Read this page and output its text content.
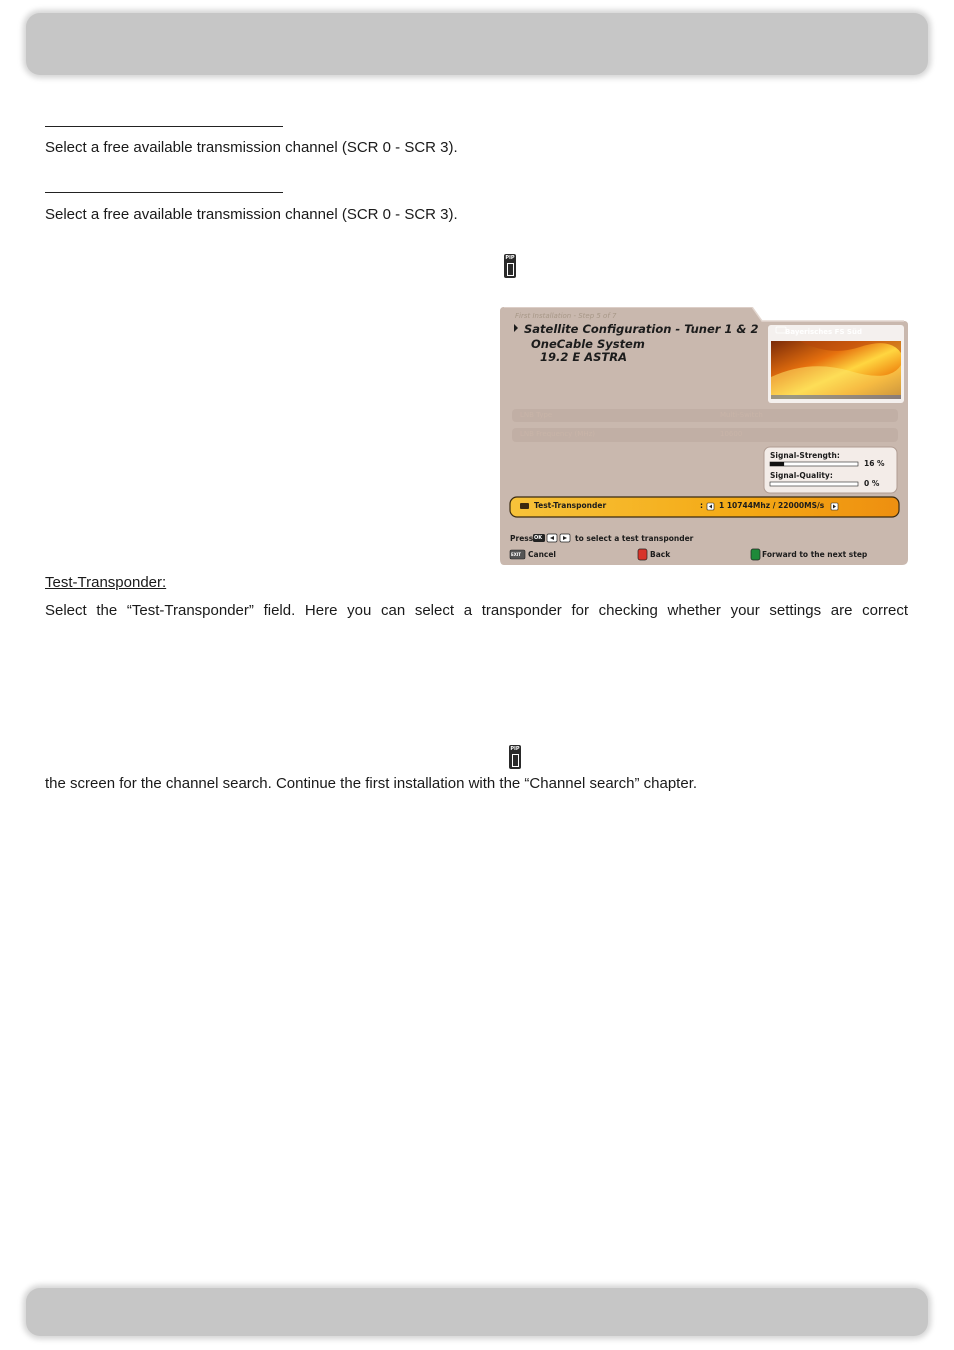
Select a free available transmission channel (SCR 0 - SCR 3).
Select a free available transmission channel (SCR 0 - SCR 3).
PIP
First Installation - Step 5 of 7
Satellite Configuration - Tuner 1 & 2
OneCable System
19.2 E ASTRA
Bayerisches FS Süd
LNB Type	Multi-Switch
LNB Frequency (MHz)	10600
Signal-Strength:
16 %
Signal-Quality:
0 %
Test-Transponder	: 1 10744Mhz / 22000MS/s
Press OK	to select a test transponder
EXIT Cancel	Back	Forward to the next step
Test-Transponder:
Select the “Test-Transponder” field. Here you can select a transponder for checking whether your settings are correct
PIP
the screen for the channel search. Continue the first installation with the “Channel search” chapter.
